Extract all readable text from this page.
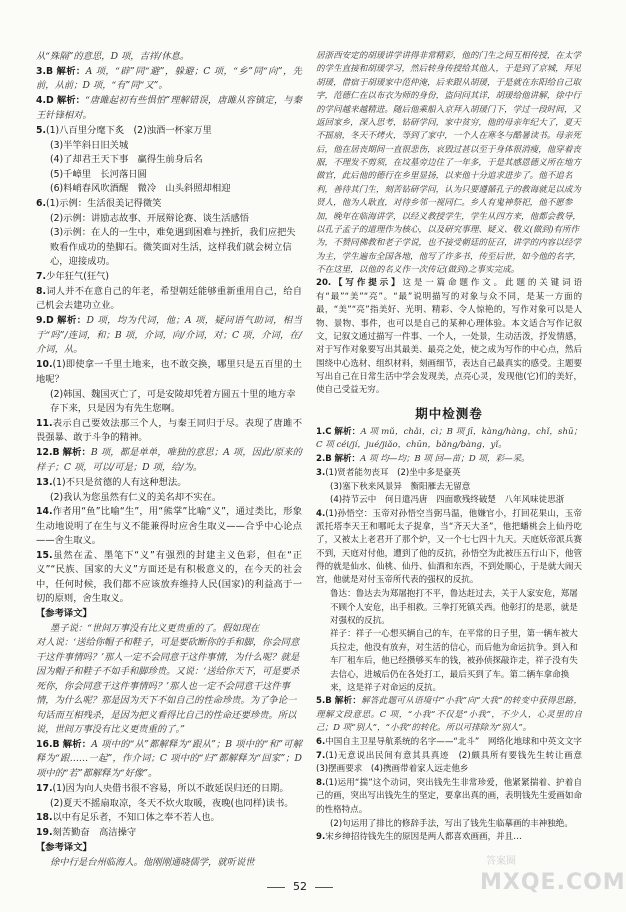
从“殊隔”的意思，D 项，吉祥/休息。
3.B 解析：A 项，“辟”同“避”，躲避；C 项，“乡”同“向”，先前，从前；D 项，“有”同“又”。
4.D 解析：“唐雎起初有些惧怕”理解错误，唐雎从容镇定，与秦王针锋相对。
5.(1)八百里分麾下炙　(2)浊酒一杯家万里
(3)半竿斜日旧关城
(4)了却君王天下事　赢得生前身后名
(5)千嶂里　长河落日圆
(6)料峭春风吹酒醒　微冷　山头斜照却相迎
6.(1)示例：生活很美记得微笑
(2)示例：讲励志故事、开展辩论赛、谈生活感悟
(3)示例：在人的一生中，难免遇到困难与挫折，我们应把失败看作成功的垫脚石。微笑面对生活，这样我们就会树立信心，迎接成功。
7.少年狂气(狂气)
8.词人并不在意自己的年老，希望朝廷能够重新重用自己，给自己机会去建功立业。
9.D 解析：D 项，均为代词，他；A 项，疑问语气助词，相当于“吗”/连词，和；B 项，介词，向/介词，对；C 项，介词，在/介词，从。
10.(1)即使拿一千里土地来，也不敢交换，哪里只是五百里的土地呢？
(2)韩国、魏国灭亡了，可是安陵却凭着方圆五十里的地方幸存下来，只是因为有先生您啊。
11.表示自己要效法那三个人，与秦王同归于尽。表现了唐雎不畏强暴、敢于斗争的精神。
12.B 解析：B 项，都是单单，唯独的意思；A 项，因此/原来的样子；C 项，可以/可是；D 项，给/为。
13.(1)不只是贫德的人有这种想法。
(2)我认为您虽然有仁义的美名却不实在。
14.作者用“鱼”比喻“生”，用“熊掌”比喻“义”，通过类比，形象生动地说明了在生与义不能兼得时应舍生取义——合乎中心论点——舍生取义。
15.虽然在孟、墨笔下“义”有强烈的封建主义色彩，但在“正义”“民族、国家的大义”方面还是有积极意义的，在今天的社会中，任何时候，我们都不应该放弃维持人民(国家)的利益高于一切的原则，舍生取义。
【参考译文】
墨子说：“世间万事没有比义更贵重的了。假如现在
对人说：‘送给你帽子和鞋子，可是要砍断你的手和脚，你会同意干这件事情吗？’那人一定不会同意干这件事情，为什么呢？就是因为帽子和鞋子不如手和脚珍贵。又说：‘送给你天下，可是要杀死你，你会同意干这件事情吗？’那人也一定不会同意干这件事情，为什么呢？那是因为天下不如自己的性命珍贵。为了争论一句话而互相残杀，是因为把义看得比自己的性命还要珍贵。所以说，世间万事没有比义更贵重的了。”
16.B 解析：A 项中的“从”都解释为“跟从”；B 项中的“和”可解释为“跟……一起”，作介词；C 项中的“归”都解释为“回家”；D 项中的“若”都解释为“好像”。
17.(1)因为向人央借书很不容易，所以不敢延误归还的日期。
(2)夏天不摇扇取凉，冬天不炊火取暖，夜晚(也同样)读书。
18.以中有足乐者，不知口体之奉不若人也。
19.刻苦勤奋　高洁操守
【参考译文】
徐中行是台州临海人。他刚刚通晓儒学，就听说世
居浙西安定的胡瑗讲学讲得非常精彩，他的门生之间互相传授，在太学的学生直接和胡瑗学习，然后转身传授给其他人，于是到了京城，拜见胡瑗，借宿于胡瑗家中范仲淹，后来跟从胡瑗，于是就在东阳给自己取字，范德仁在以布衣为师的身份，盗问问其详，胡瑗给他讲解，徐中行的学问越来越精进。随后他乘船入京拜入胡瑗门下，学过一段时间，又返回家乡，深入思考，钻研学问，家中贫穷，他的母亲年纪大了，夏天不摇扇，冬天不烤火，等到了家中，一个人在寒冬与酷暑读书。母亲死后，他在居丧期间一直很悲伤，哀毁过甚以至于身体很消瘦，他穿着丧服，不理发不剪须，在坟墓旁边住了一年多，于是其感恩德义所在地方做官，此后他的德行在乡里显扬，以来他十分追求进步了。他不追名利，善待其门生，刻苦钻研学问，认为只要遵循孔子的教诲就足以成为贤人，他为人耿直，对待乡邻一视同仁。乡人有鬼神祭祀，他不愿参加，晚年在临海讲学，以经义教授学生，学生从四方来，他都会教导，以孔子孟子的道理作为核心，以及研究事理、疑义、敬义(做到)有所作为，不赞同佛教和老子学说，也不接受朝廷的征召，讲学的内容以经学为主，学生遍布全国各地，他写了许多书，传至后世，如今他的名字，不在这里，以他的名义作一次传记(做到)之事实完成。
20.【写作提示】这是一篇命题作文。此题的关键词语有“最”“美”“亮”。“最”说明描写的对象与众不同，是某一方面的最，“美”“亮”指美好、光明、精彩、令人惊艳的，写作对象可以是人物、景物、事件，也可以是自己的某种心理体验。本文适合写作记叙文，记叙文通过描写一件事、一个人，一处景，生动活泼，抒发情感，对于写作对象要写出其最美、最亮之处，使之成为写作的中心点，然后围绕中心选材、组织材料，刻画细节，表达自己最真实的感受。主题要写出自己在日常生活中学会发现美，点亮心灵，发现他(它)们的美好，使自己受益无穷。
期中检测卷
1.C 解析：A 项 mǔ，chǎi，cì；B 项 jī，kàng/hàng，chǐ，shū；C 项 céi/jí，jué/jiǎo，chūn，bǎng/bàng，yǐ。
2.B 解析：A 项 均—均；B 项 回—苗；D 项，彩—采。
3.(1)贤者能勿丧耳　(2)坐中多是豪英
(3)塞下秋来风景异　衡阳雁去无留意
(4)持节云中　何日遣冯唐　四面歌残终破楚　八年风味徒思浙
4.(1)孙悟空：玉帝对孙悟空当弼马温，他嫌官小，打回花果山，玉帝派托塔李天王和哪吒太子捉拿，当“齐天大圣”，他把蟠桃会上仙丹吃了，又被太上老君开了那个炉，又一个七七四十九天。天庭妖帝派兵赛不到，天庭对付他，遭到了他的反抗，孙悟空为此被压五行山下，他管得的就是仙水、仙桃、仙丹、仙酒和东西，不到处顺心，于是就大闹天宫，他就是对付玉帝所代表的强权的反抗。
鲁达：鲁达去为郑屠抱打不平，鲁达赶过去，关于人家安危，郑屠不顾个人安危，出手相救。三拳打死镇关西。他彰打的是恶，就是对强权的反抗。
祥子：祥子一心想买辆自己的车，在平常的日子里，第一辆车被大兵拉走，他没有放弃，对生活的信心，而后他为命运抗争。到入和车厂租车后，他已经攒够买车的钱，被孙侦探敲诈走，祥子没有失去信心，进城后仍在各处打工，最后买到了车。第二辆车拿命换来，这是祥子对命运的反抗。
5.B 解析：解答此题可从语境中“小我”向“大我”的转变中获得思路，理解文段意思。C 项，“小我”不仅是“小我”，不少人，心灵里的自己；D 项“别人”，“小我”的转化。所以可排除为“别人”。
6.中国自主卫星导航系统的名字——“北斗”　网络化地球和中英文文字
7.(1)无意说出民间有意其具真迹　(2)颇具所有要钱先生转让画意　(3)摆画要求　(4)携画带着家人远走他乡
8.(1)运用“揣”这个动词，突出钱先生非常珍爱，他紧紧揣着、护着自己的画，突出写出钱先生的坚定，要拿出真的画，表明钱先生爱画如命的性格特点。
(2)句运用了排比的修辞手法，写出了钱先生临摹画的丰神独绝。
9.宋乡绅招待钱先生的原因是两人都喜欢画画，并且…
52
答案圈
MXQE.COM
